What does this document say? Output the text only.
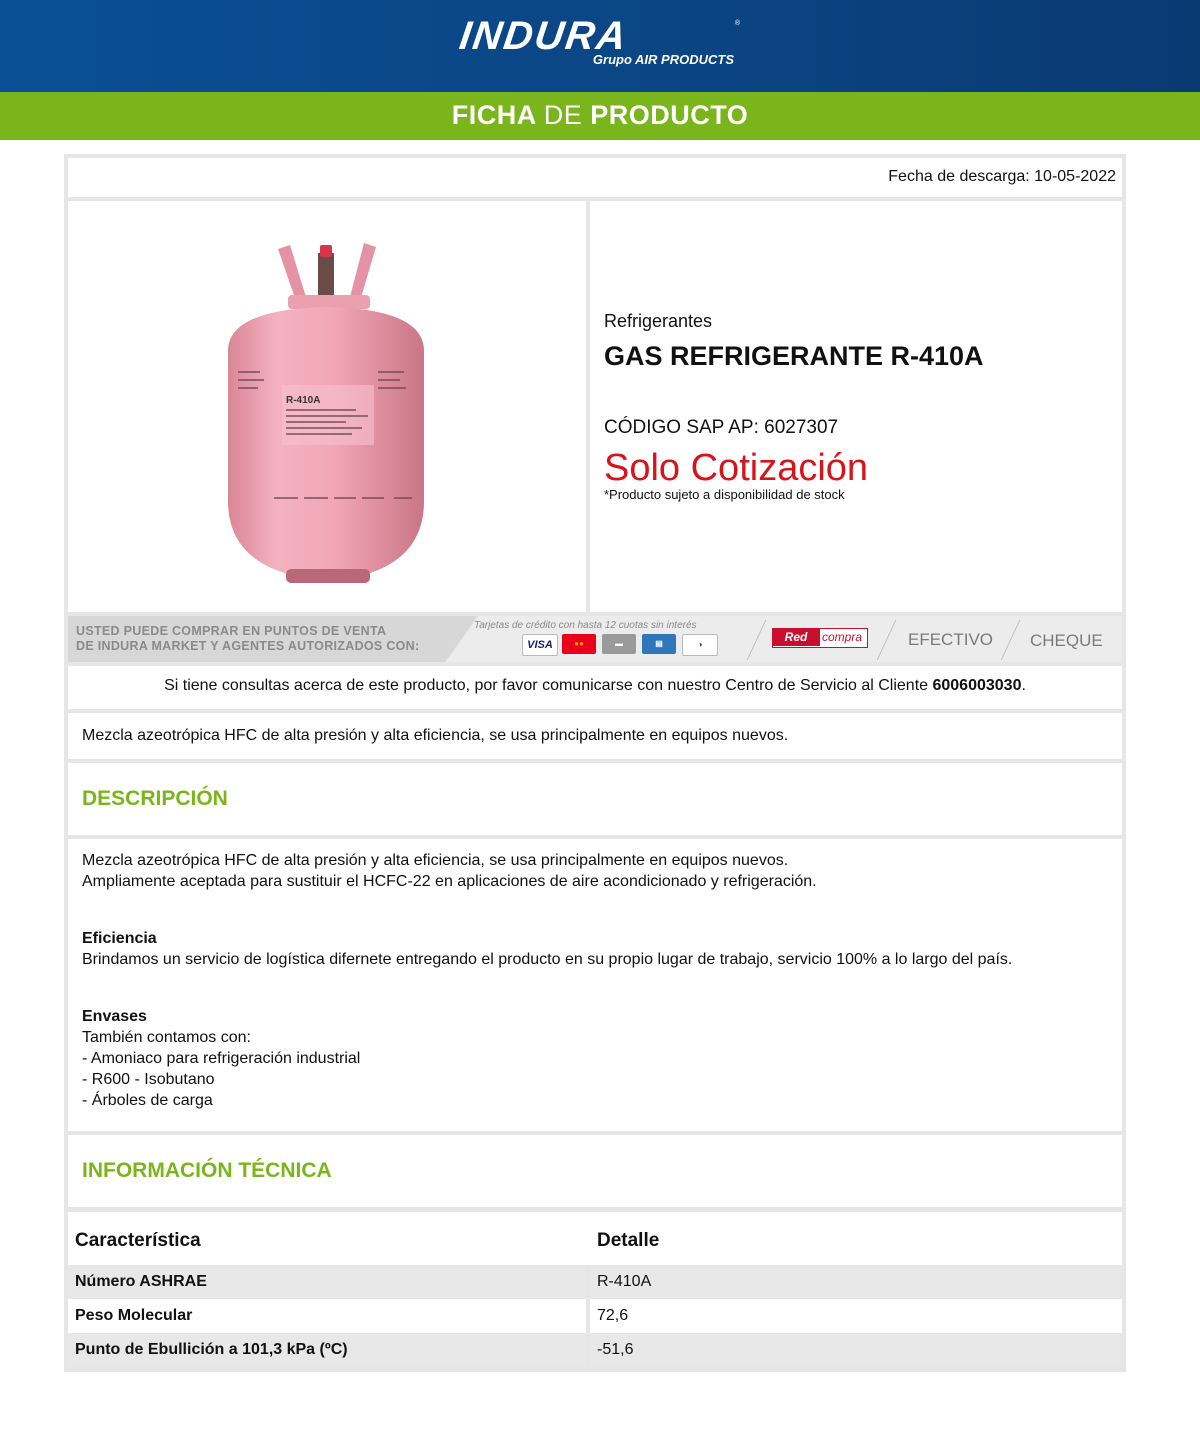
INDURA	®
Grupo AIR PRODUCTS
FICHA DE PRODUCTO
Fecha de descarga: 10-05-2022
R-410A
Refrigerantes
GAS REFRIGERANTE R-410A
CÓDIGO SAP AP: 6027307
Solo Cotización
*Producto sujeto a disponibilidad de stock
USTED PUEDE COMPRAR EN PUNTOS DE VENTA
DE INDURA MARKET Y AGENTES AUTORIZADOS CON:
Tarjetas de crédito con hasta 12 cuotas sin interés
VISA	●●	▬	▤	◑
Red	compra	EFECTIVO CHEQUE

Si tiene consultas acerca de este producto, por favor comunicarse con nuestro Centro de Servicio al Cliente 6006003030.

Mezcla azeotrópica HFC de alta presión y alta eficiencia, se usa principalmente en equipos nuevos.

DESCRIPCIÓN
Mezcla azeotrópica HFC de alta presión y alta eficiencia, se usa principalmente en equipos nuevos.
Ampliamente aceptada para sustituir el HCFC-22 en aplicaciones de aire acondicionado y refrigeración.
Eficiencia
Brindamos un servicio de logística difernete entregando el producto en su propio lugar de trabajo, servicio 100% a lo largo del país.
Envases
También contamos con:
- Amoniaco para refrigeración industrial
- R600 - Isobutano
- Árboles de carga
INFORMACIÓN TÉCNICA
Característica	Detalle
Número ASHRAE	R-410A
Peso Molecular	72,6
Punto de Ebullición a 101,3 kPa (ºC)	-51,6
